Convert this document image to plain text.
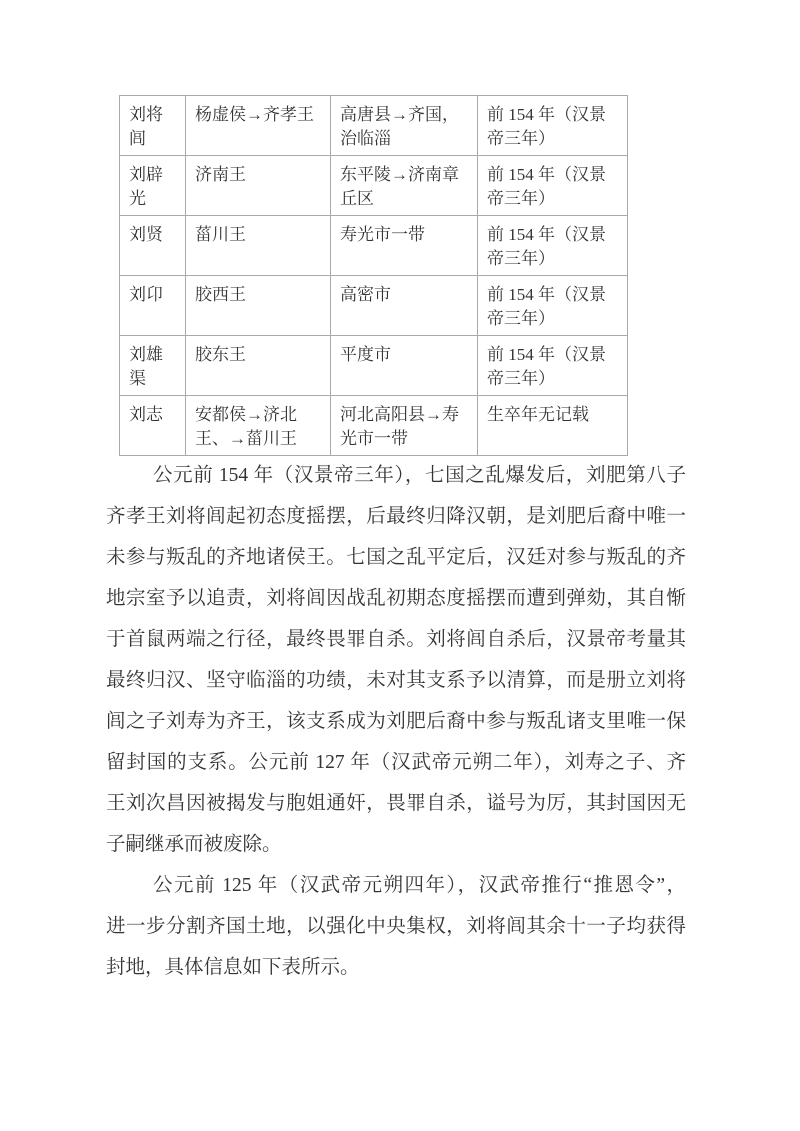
刘将闾	杨虚侯→齐孝王	高唐县→齐国，治临淄	前 154 年（汉景帝三年）
刘辟光	济南王	东平陵→济南章丘区	前 154 年（汉景帝三年）
刘贤	菑川王	寿光市一带	前 154 年（汉景帝三年）
刘卬	胶西王	高密市	前 154 年（汉景帝三年）
刘雄渠	胶东王	平度市	前 154 年（汉景帝三年）
刘志	安都侯→济北王、→菑川王	河北高阳县→寿光市一带	生卒年无记载
公元前 154 年（汉景帝三年），七国之乱爆发后，刘肥第八子
齐孝王刘将闾起初态度摇摆，后最终归降汉朝，是刘肥后裔中唯一
未参与叛乱的齐地诸侯王。七国之乱平定后，汉廷对参与叛乱的齐
地宗室予以追责，刘将闾因战乱初期态度摇摆而遭到弹劾，其自惭
于首鼠两端之行径，最终畏罪自杀。刘将闾自杀后，汉景帝考量其
最终归汉、坚守临淄的功绩，未对其支系予以清算，而是册立刘将
闾之子刘寿为齐王，该支系成为刘肥后裔中参与叛乱诸支里唯一保
留封国的支系。公元前 127 年（汉武帝元朔二年），刘寿之子、齐
王刘次昌因被揭发与胞姐通奸，畏罪自杀，谥号为厉，其封国因无
子嗣继承而被废除。
公元前 125 年（汉武帝元朔四年），汉武帝推行“推恩令”，
进一步分割齐国土地，以强化中央集权，刘将闾其余十一子均获得
封地，具体信息如下表所示。
